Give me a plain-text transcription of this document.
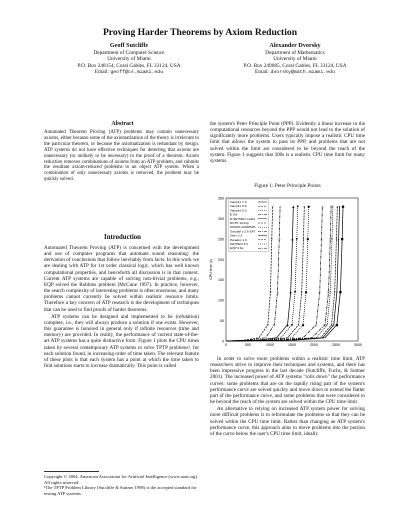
Proving Harder Theorems by Axiom Reduction
Geoff Sutcliffe
Department of Computer Science
University of Miami
P.O. Box 248154, Coral Gables, FL 33124, USA
Email: geoff@cs.miami.edu
Alexander Dvorsky
Department of Mathematics
University of Miami
P.O. Box 249085, Coral Gables, FL 33124, USA
Email: dvorsky@math.miami.edu
Abstract
Automated Theorem Proving (ATP) problems may contain unnecessary axioms, either because some of the axiomatization of the theory is irrelevant to the particular theorem, or because the axiomatization is redundant by design. ATP systems do not have effective techniques for detecting that axioms are unnecessary (or unlikely to be necessary) to the proof of a theorem. Axiom reduction removes combinations of axioms from an ATP problem, and submits the resultant axiom-reduced problems to an object ATP system. When a combination of only unnecessary axioms is removed, the problem may be quickly solved.
Introduction

Automated Theorem Proving (ATP) is concerned with the development and use of computer programs that automate sound reasoning: the derivation of conclusions that follow inevitably from facts. In this work we are dealing with ATP for 1st order classical logic, which has well known computational properties, and henceforth all discussion is in that context. Current ATP systems are capable of solving non-trivial problems, e.g., EQP solved the Robbins problem (McCune 1997). In practice, however, the search complexity of interesting problems is often enormous, and many problems cannot currently be solved within realistic resource limits. Therefore a key concern of ATP research is the development of techniques that can be used to find proofs of harder theorems.

ATP systems can be designed and implemented to be (refutation) complete, i.e., they will always produce a solution if one exists. However, this guarantee is honored in general only if infinite resources (time and memory) are provided. In reality, the performance of current state-of-the-art ATP systems has a quite distinctive form. Figure 1 plots the CPU times taken by several contemporary ATP systems to solve TPTP problems¹, for each solution found, in increasing order of time taken. The relevant feature of these plots is that each system has a point at which the time taken to find solutions starts to increase dramatically. This point is called

Copyright © 2004, American Association for Artificial Intelligence (www.aaai.org). All rights reserved.
¹The TPTP Problem Library (Sutcliffe & Suttner 1998) is the accepted standard for testing ATP systems.

the system's Peter Principle Point (PPP). Evidently a linear increase in the computational resources beyond the PPP would not lead to the solution of significantly more problems. Users typically impose a realistic CPU time limit that allows the system to pass its PPP, and problems that are not solved within the limit are considered to be beyond the reach of the system. Figure 1 suggests that 300s is a realistic CPU time limit for many systems.

Figure 1: Peter Principle Points
0
50
100
150
200
250
300
350
0	500	1000	1500	2000	2500	3000
CPU time (s)
+
+
+
+
x
x
x
x
*
*
*
*
□
□
□
□
■
■
■
■
o
o
o
o
●
●
●
●
△
△
△
△
▲
▲
▲
▲
▽
▽
▽
▽
▼
▼
▼
▼
◇
◇
◇
◇
Vampire 7.0
Vampire 6.0
Vampire 5.0
E 0.8
E-SETHEO csp03
DCTP 10.21p
SNARK 20030505
Gandalf c-2.6-SAT
Otter 3.3
Paradox 1.0
SETHEO 3.3
EQP 0.9e

In order to solve more problems within a realistic time limit, ATP researchers strive to improve their techniques and systems, and there has been impressive progress in the last decade (Sutcliffe, Fuchs, & Suttner 2001). The increased power of ATP systems "rolls down" the performance curves: some problems that are on the rapidly rising part of the system's performance curve are solved quickly and move down to extend the flatter part of the performance curve, and some problems that were considered to be beyond the reach of the system are solved within the CPU time limit.

An alternative to relying on increased ATP system power for solving more difficult problems is to reformulate the problems so that they can be solved within the CPU time limit. Rather than changing an ATP system's performance curve, this approach aims to move problems into the portion of the curve below the user's CPU time limit, ideally
